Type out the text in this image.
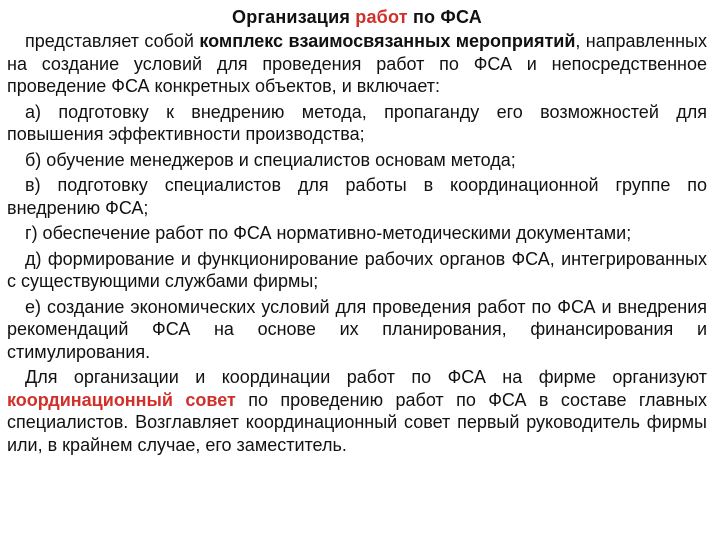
Организация работ по ФСА

представляет собой комплекс взаимосвязанных мероприятий, направленных на создание условий для проведения работ по ФСА и непосредственное проведение ФСА конкретных объектов, и включает:

а) подготовку к внедрению метода, пропаганду его возможностей для повышения эффективности производства;

б) обучение менеджеров и специалистов основам метода;

в) подготовку специалистов для работы в координационной группе по внедрению ФСА;

г) обеспечение работ по ФСА нормативно-методическими документами;

д) формирование и функционирование рабочих органов ФСА, интегрированных с существующими службами фирмы;

е) создание экономических условий для проведения работ по ФСА и внедрения рекомендаций ФСА на основе их планирования, финансирования и стимулирования.

Для организации и координации работ по ФСА на фирме организуют координационный совет по проведению работ по ФСА в составе главных специалистов. Возглавляет координационный совет первый руководитель фирмы или, в крайнем случае, его заместитель.
